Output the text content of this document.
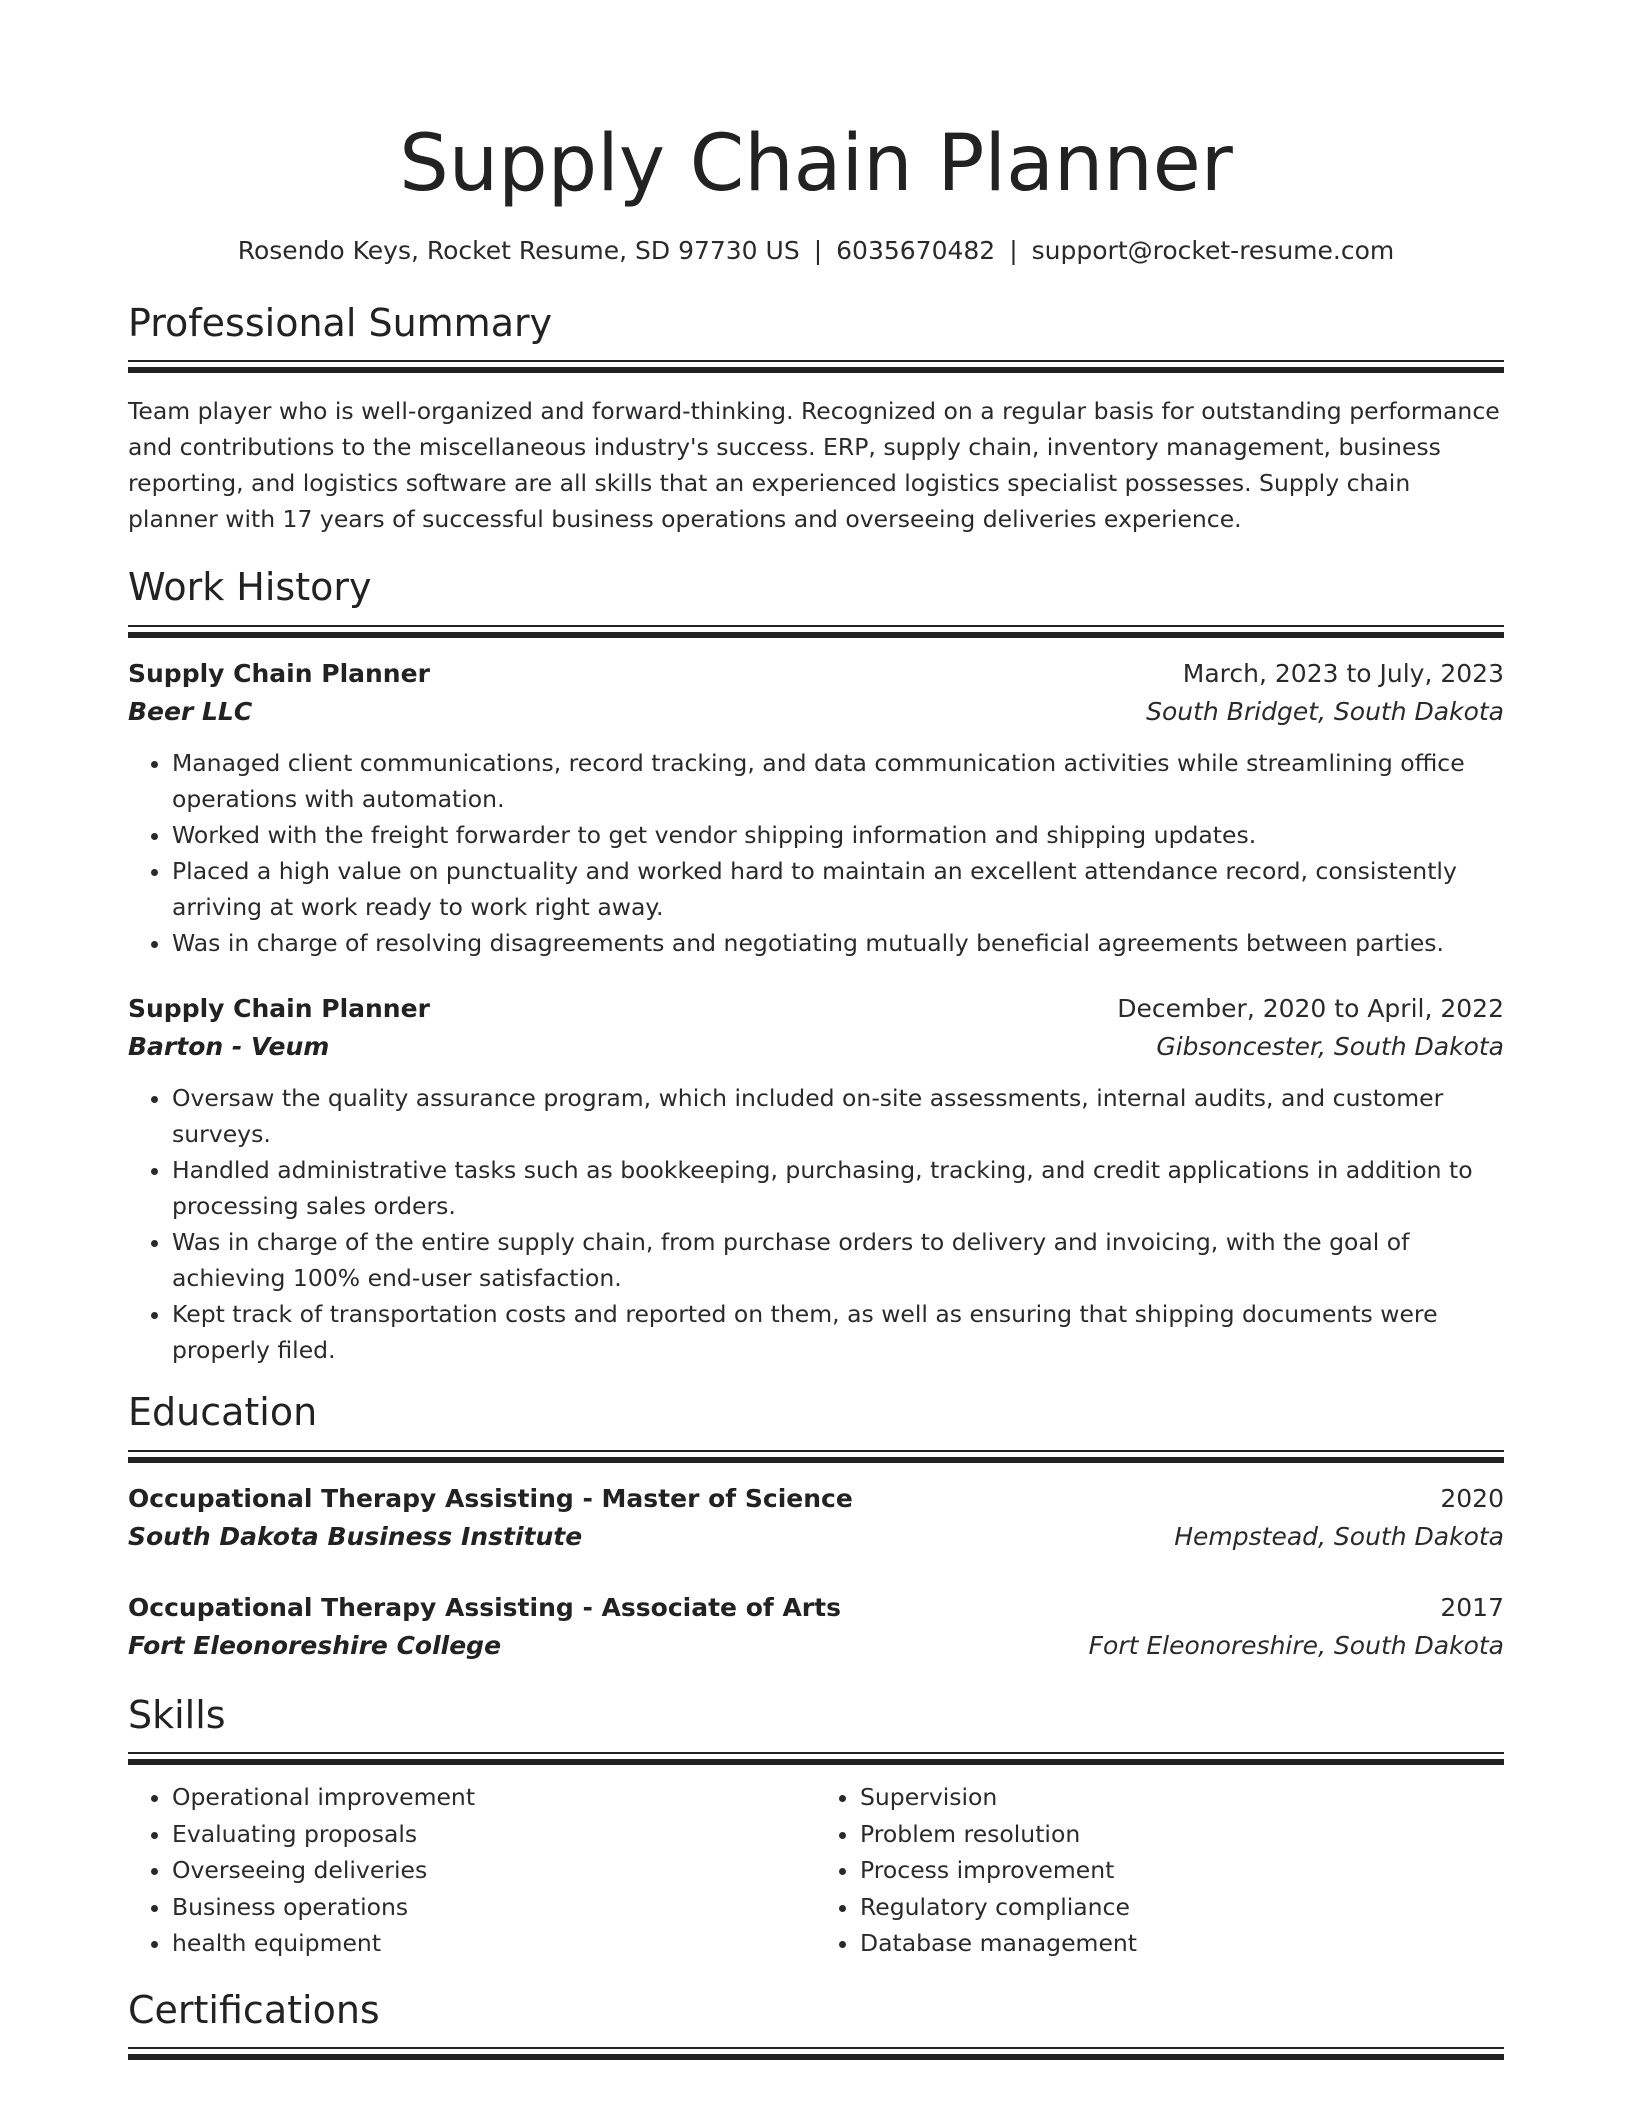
Supply Chain Planner
Rosendo Keys, Rocket Resume, SD 97730 US | 6035670482 | support@rocket-resume.com
Professional Summary
Team player who is well-organized and forward-thinking. Recognized on a regular basis for outstanding performance and contributions to the miscellaneous industry's success. ERP, supply chain, inventory management, business reporting, and logistics software are all skills that an experienced logistics specialist possesses. Supply chain planner with 17 years of successful business operations and overseeing deliveries experience.
Work History
Supply Chain Planner	March, 2023 to July, 2023
Beer LLC	South Bridget, South Dakota
• Managed client communications, record tracking, and data communication activities while streamlining office operations with automation.
• Worked with the freight forwarder to get vendor shipping information and shipping updates.
• Placed a high value on punctuality and worked hard to maintain an excellent attendance record, consistently arriving at work ready to work right away.
• Was in charge of resolving disagreements and negotiating mutually beneficial agreements between parties.
Supply Chain Planner	December, 2020 to April, 2022
Barton - Veum	Gibsoncester, South Dakota
• Oversaw the quality assurance program, which included on-site assessments, internal audits, and customer surveys.
• Handled administrative tasks such as bookkeeping, purchasing, tracking, and credit applications in addition to processing sales orders.
• Was in charge of the entire supply chain, from purchase orders to delivery and invoicing, with the goal of achieving 100% end-user satisfaction.
• Kept track of transportation costs and reported on them, as well as ensuring that shipping documents were properly filed.
Education
Occupational Therapy Assisting - Master of Science	2020
South Dakota Business Institute	Hempstead, South Dakota
Occupational Therapy Assisting - Associate of Arts	2017
Fort Eleonoreshire College	Fort Eleonoreshire, South Dakota
Skills
• Operational improvement
• Evaluating proposals
• Overseeing deliveries
• Business operations
• health equipment
• Supervision
• Problem resolution
• Process improvement
• Regulatory compliance
• Database management
Certifications
